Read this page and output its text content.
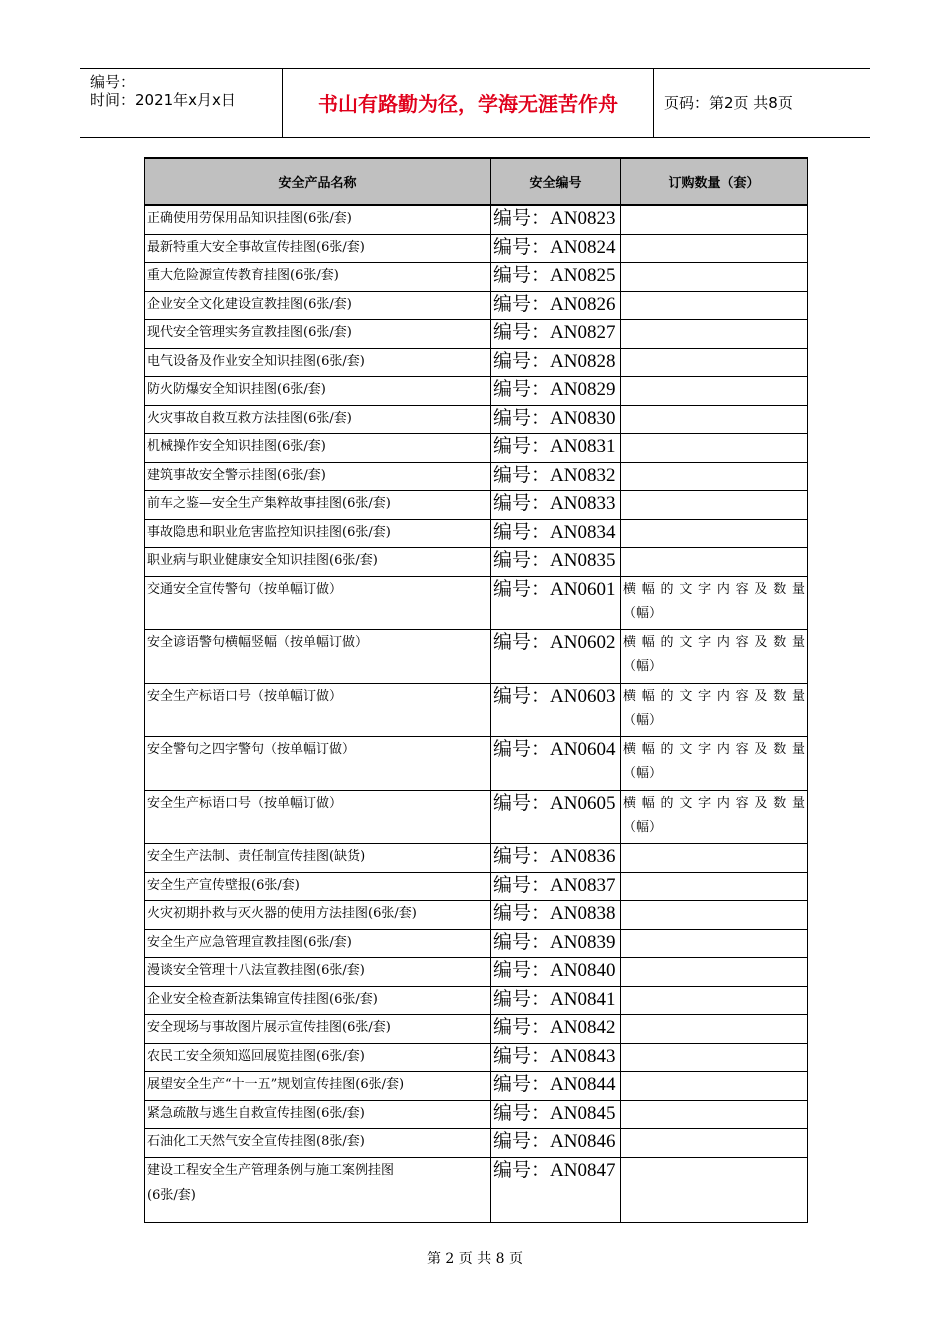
编号：
时间：2021年x月x日	书山有路勤为径，学海无涯苦作舟	页码：第2页 共8页
安全产品名称	安全编号	订购数量（套）

正确使用劳保用品知识挂图(6张/套)	编号：AN0823	

最新特重大安全事故宣传挂图(6张/套)	编号：AN0824	

重大危险源宣传教育挂图(6张/套)	编号：AN0825	

企业安全文化建设宣教挂图(6张/套)	编号：AN0826	

现代安全管理实务宣教挂图(6张/套)	编号：AN0827	

电气设备及作业安全知识挂图(6张/套)	编号：AN0828	

防火防爆安全知识挂图(6张/套)	编号：AN0829	

火灾事故自救互救方法挂图(6张/套)	编号：AN0830	

机械操作安全知识挂图(6张/套)	编号：AN0831	

建筑事故安全警示挂图(6张/套)	编号：AN0832	

前车之鉴—安全生产集粹故事挂图(6张/套)	编号：AN0833	

事故隐患和职业危害监控知识挂图(6张/套)	编号：AN0834	

职业病与职业健康安全知识挂图(6张/套)	编号：AN0835	

交通安全宣传警句（按单幅订做）	编号：AN0601	横幅的文字内容及数量
（幅）

安全谚语警句横幅竖幅（按单幅订做）	编号：AN0602	横幅的文字内容及数量
（幅）

安全生产标语口号（按单幅订做）	编号：AN0603	横幅的文字内容及数量
（幅）

安全警句之四字警句（按单幅订做）	编号：AN0604	横幅的文字内容及数量
（幅）

安全生产标语口号（按单幅订做）	编号：AN0605	横幅的文字内容及数量
（幅）

安全生产法制、责任制宣传挂图(缺货)	编号：AN0836	

安全生产宣传壁报(6张/套)	编号：AN0837	

火灾初期扑救与灭火器的使用方法挂图(6张/套)	编号：AN0838	

安全生产应急管理宣教挂图(6张/套)	编号：AN0839	

漫谈安全管理十八法宣教挂图(6张/套)	编号：AN0840	

企业安全检查新法集锦宣传挂图(6张/套)	编号：AN0841	

安全现场与事故图片展示宣传挂图(6张/套)	编号：AN0842	

农民工安全须知巡回展览挂图(6张/套)	编号：AN0843	

展望安全生产“十一五”规划宣传挂图(6张/套)	编号：AN0844	

紧急疏散与逃生自救宣传挂图(6张/套)	编号：AN0845	

石油化工天然气安全宣传挂图(8张/套)	编号：AN0846	

建设工程安全生产管理条例与施工案例挂图
(6张/套)	编号：AN0847	

第 2 页 共 8 页
